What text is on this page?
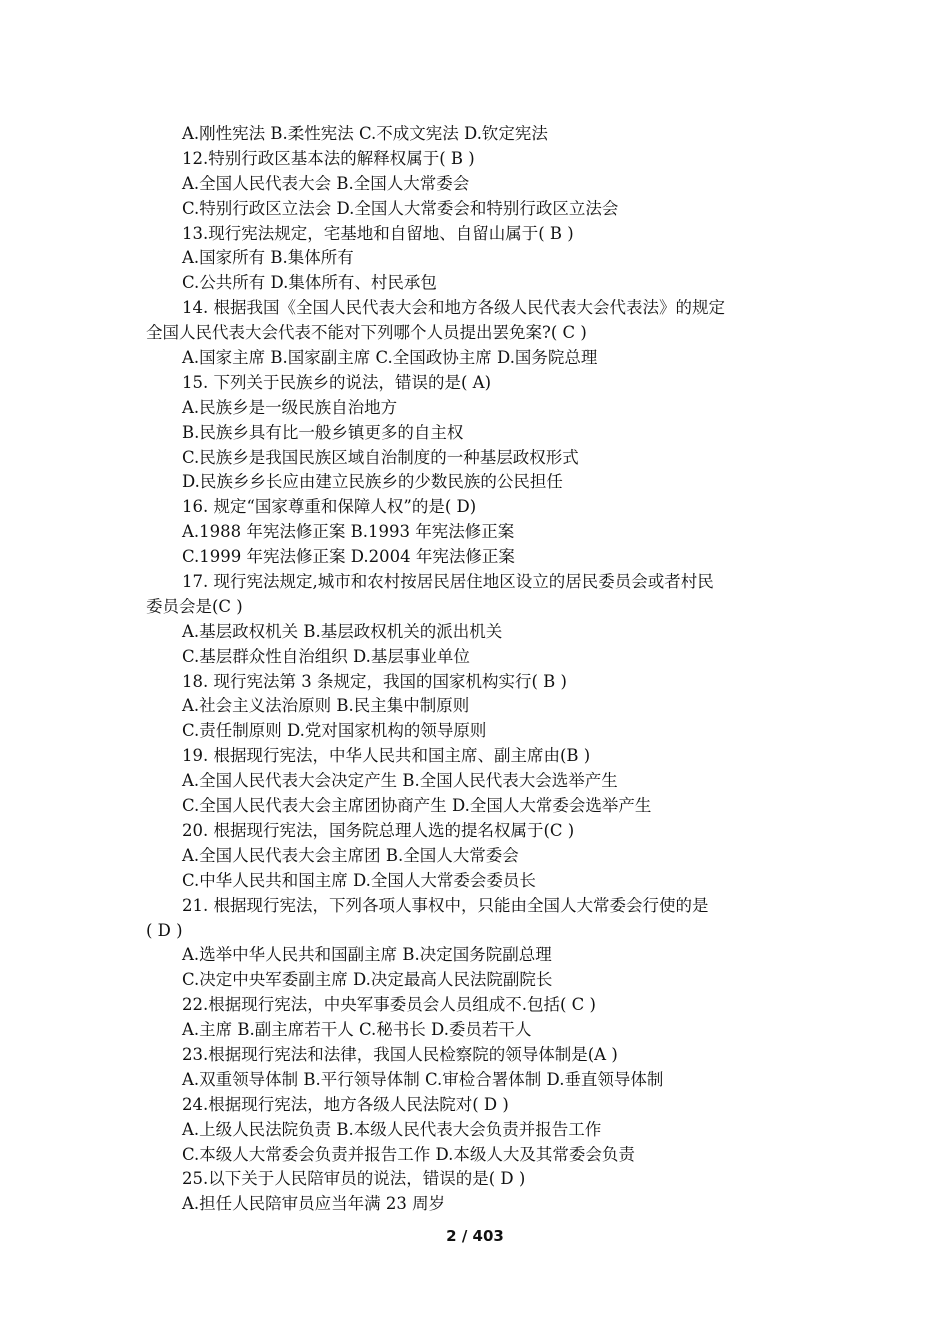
A.刚性宪法 B.柔性宪法 C.不成文宪法 D.钦定宪法
12.特别行政区基本法的解释权属于( B )
A.全国人民代表大会 B.全国人大常委会
C.特别行政区立法会 D.全国人大常委会和特别行政区立法会
13.现行宪法规定，宅基地和自留地、自留山属于( B )
A.国家所有 B.集体所有
C.公共所有 D.集体所有、村民承包
14. 根据我国《全国人民代表大会和地方各级人民代表大会代表法》的规定
全国人民代表大会代表不能对下列哪个人员提出罢免案?( C )
A.国家主席 B.国家副主席 C.全国政协主席 D.国务院总理
15. 下列关于民族乡的说法，错误的是( A)
A.民族乡是一级民族自治地方
B.民族乡具有比一般乡镇更多的自主权
C.民族乡是我国民族区域自治制度的一种基层政权形式
D.民族乡乡长应由建立民族乡的少数民族的公民担任
16. 规定“国家尊重和保障人权”的是( D)
A.1988 年宪法修正案 B.1993 年宪法修正案
C.1999 年宪法修正案 D.2004 年宪法修正案
17. 现行宪法规定,城市和农村按居民居住地区设立的居民委员会或者村民
委员会是(C )
A.基层政权机关 B.基层政权机关的派出机关
C.基层群众性自治组织 D.基层事业单位
18. 现行宪法第 3 条规定，我国的国家机构实行( B )
A.社会主义法治原则 B.民主集中制原则
C.责任制原则 D.党对国家机构的领导原则
19. 根据现行宪法，中华人民共和国主席、副主席由(B )
A.全国人民代表大会决定产生 B.全国人民代表大会选举产生
C.全国人民代表大会主席团协商产生 D.全国人大常委会选举产生
20. 根据现行宪法，国务院总理人选的提名权属于(C )
A.全国人民代表大会主席团 B.全国人大常委会
C.中华人民共和国主席 D.全国人大常委会委员长
21. 根据现行宪法，下列各项人事权中，只能由全国人大常委会行使的是
( D )
A.选举中华人民共和国副主席 B.决定国务院副总理
C.决定中央军委副主席 D.决定最高人民法院副院长
22.根据现行宪法，中央军事委员会人员组成不.包括( C )
A.主席 B.副主席若干人 C.秘书长 D.委员若干人
23.根据现行宪法和法律，我国人民检察院的领导体制是(A )
A.双重领导体制 B.平行领导体制 C.审检合署体制 D.垂直领导体制
24.根据现行宪法，地方各级人民法院对( D )
A.上级人民法院负责 B.本级人民代表大会负责并报告工作
C.本级人大常委会负责并报告工作 D.本级人大及其常委会负责
25.以下关于人民陪审员的说法，错误的是( D )
A.担任人民陪审员应当年满 23 周岁
2 / 403
